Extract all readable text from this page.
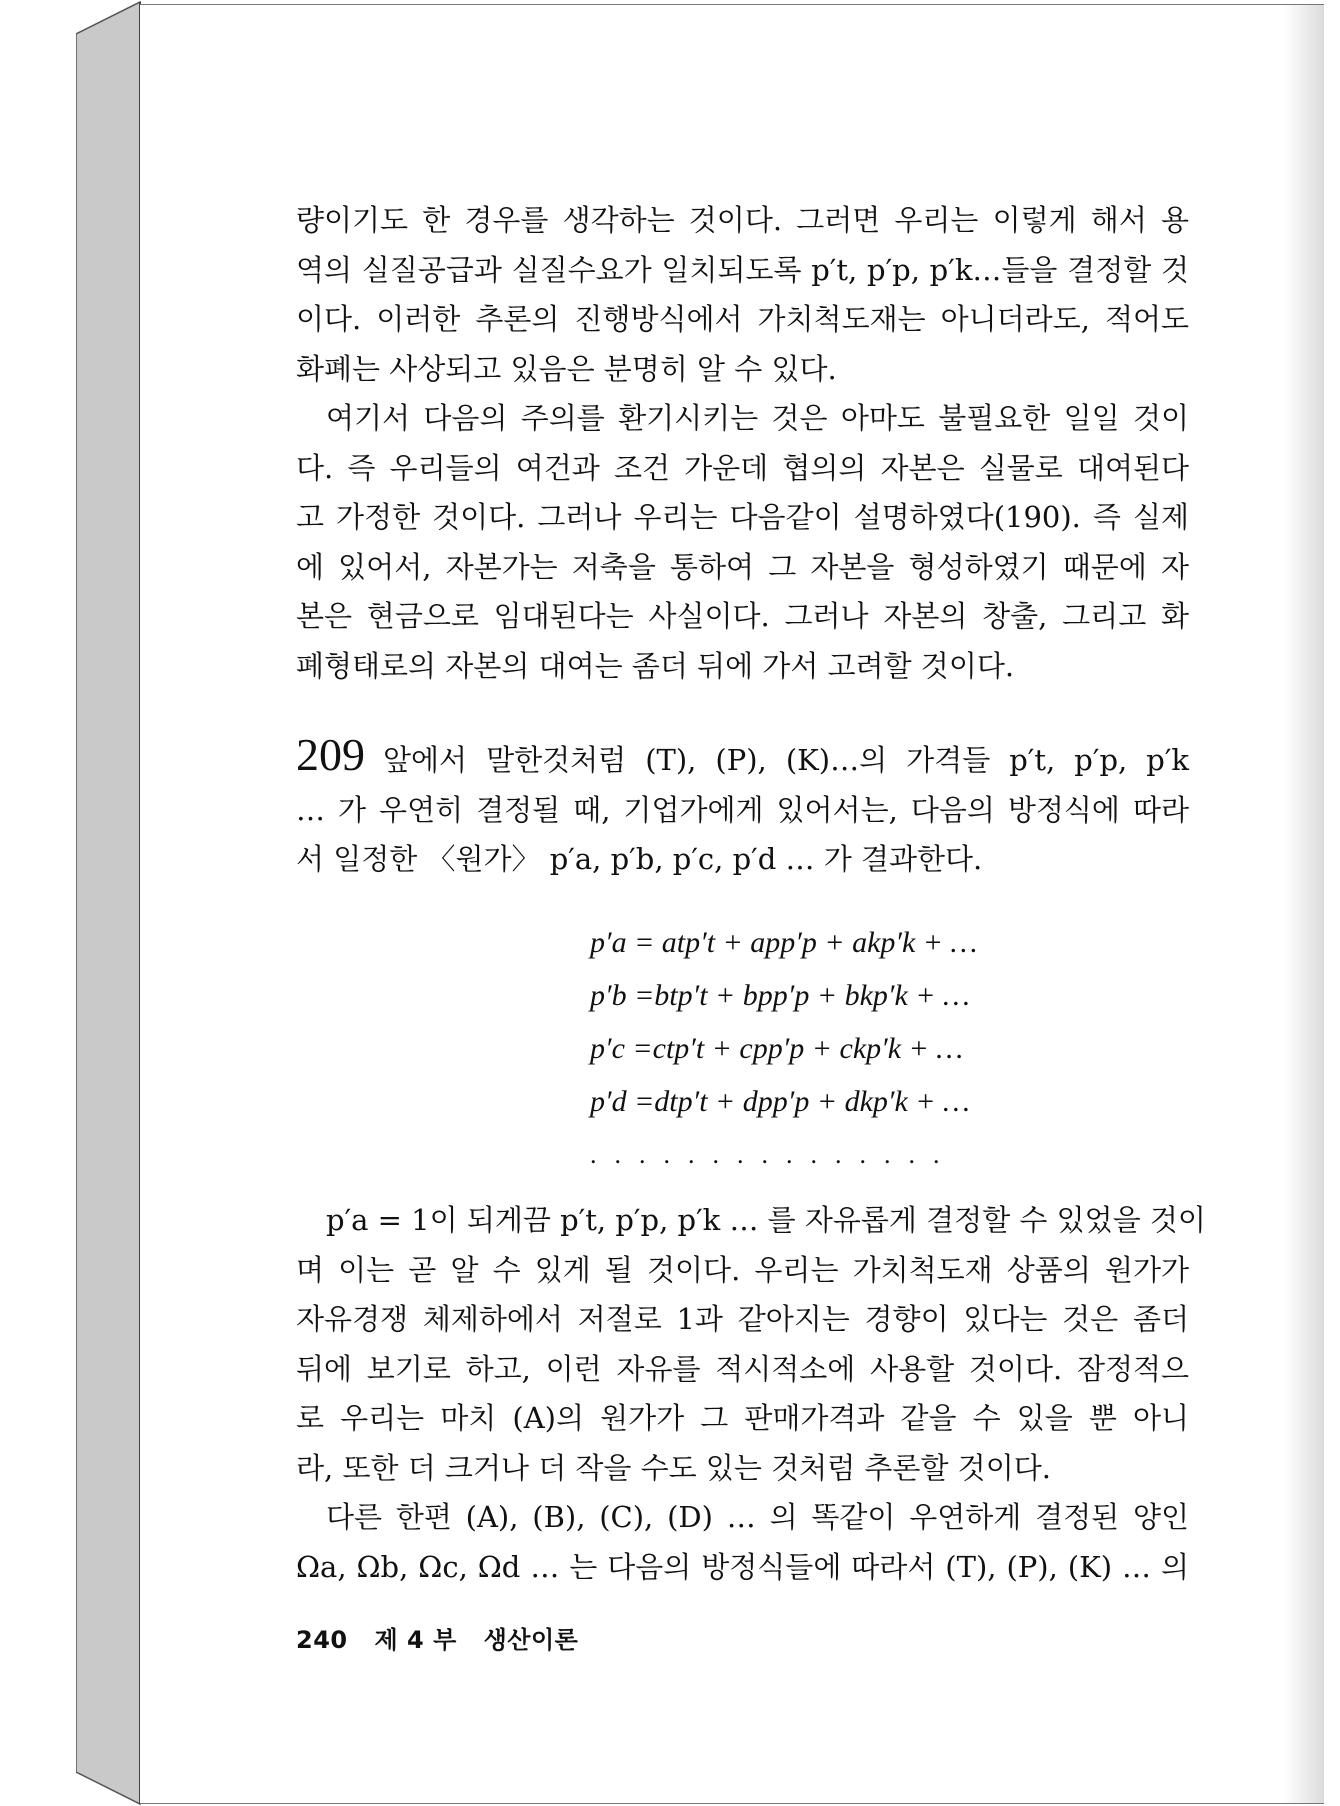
량이기도 한 경우를 생각하는 것이다. 그러면 우리는 이렇게 해서 용
역의 실질공급과 실질수요가 일치되도록 p′t, p′p, p′k…들을 결정할 것
이다. 이러한 추론의 진행방식에서 가치척도재는 아니더라도, 적어도
화폐는 사상되고 있음은 분명히 알 수 있다.

여기서 다음의 주의를 환기시키는 것은 아마도 불필요한 일일 것이
다. 즉 우리들의 여건과 조건 가운데 협의의 자본은 실물로 대여된다
고 가정한 것이다. 그러나 우리는 다음같이 설명하였다(190). 즉 실제
에 있어서, 자본가는 저축을 통하여 그 자본을 형성하였기 때문에 자
본은 현금으로 임대된다는 사실이다. 그러나 자본의 창출, 그리고 화
폐형태로의 자본의 대여는 좀더 뒤에 가서 고려할 것이다.

209 앞에서 말한것처럼 (T), (P), (K)…의 가격들 p′t, p′p, p′k
… 가 우연히 결정될 때, 기업가에게 있어서는, 다음의 방정식에 따라
서 일정한 〈원가〉 p′a, p′b, p′c, p′d … 가 결과한다.

p′a = atp′t + app′p + akp′k + …
p′b =btp′t + bpp′p + bkp′k + …
p′c =ctp′t + cpp′p + ckp′k + …
p′d =dtp′t + dpp′p + dkp′k + …
...............

p′a = 1이 되게끔 p′t, p′p, p′k … 를 자유롭게 결정할 수 있었을 것이
며 이는 곧 알 수 있게 될 것이다. 우리는 가치척도재 상품의 원가가
자유경쟁 체제하에서 저절로 1과 같아지는 경향이 있다는 것은 좀더
뒤에 보기로 하고, 이런 자유를 적시적소에 사용할 것이다. 잠정적으
로 우리는 마치 (A)의 원가가 그 판매가격과 같을 수 있을 뿐 아니
라, 또한 더 크거나 더 작을 수도 있는 것처럼 추론할 것이다.

다른 한편 (A), (B), (C), (D) … 의 똑같이 우연하게 결정된 양인
Ωa, Ωb, Ωc, Ωd … 는 다음의 방정식들에 따라서 (T), (P), (K) … 의

240 제 4 부 생산이론
